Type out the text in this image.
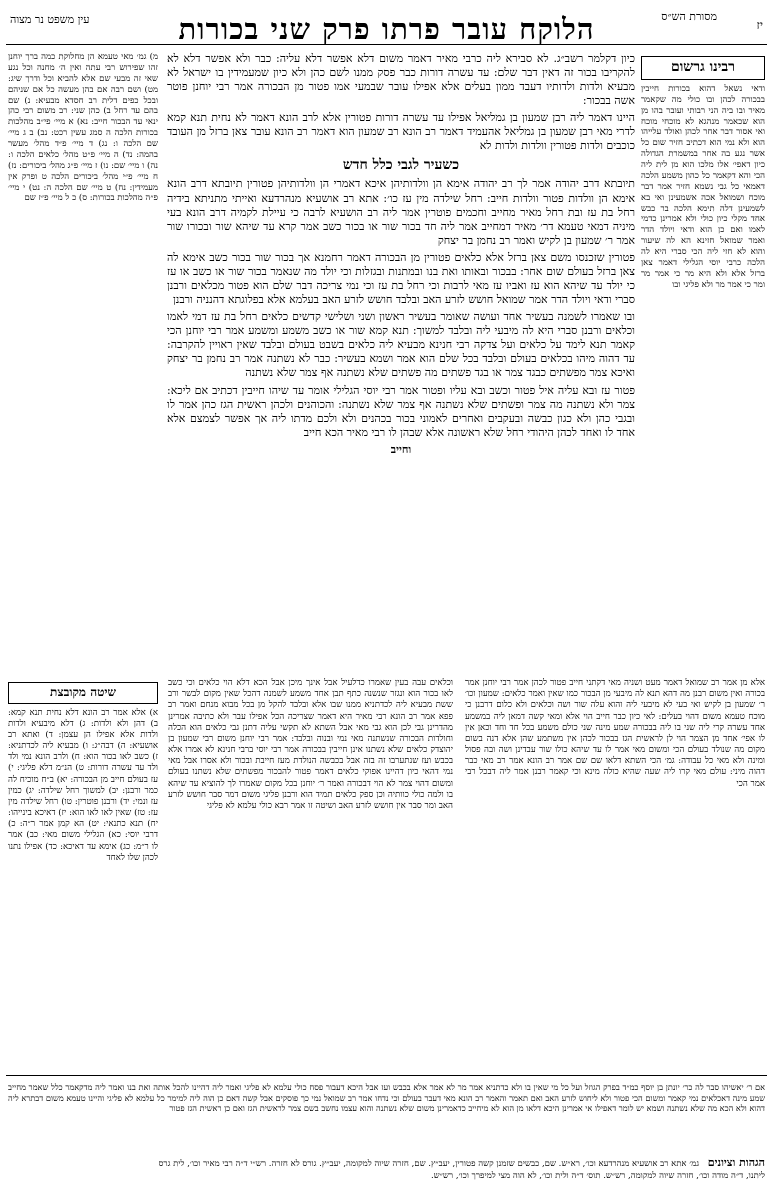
יז
הלוקח עובר פרתו פרק שני בכורות
עין משפט נר מצוה	מסורת הש״ס
רבינו גרשום
ודאי נשאל דהוא בכורות חייבין בבכורה לכהן ובו כולי מה שקאמר מאיר ובו ביה הני רבותי ועובר בהו מן הוא שכאמר מנהגא לא מוכחי מוכח ואי אסור דבר אחר לכהן ואולד עלייהו הוא ולא נמי הוא דכתיב חזיר שום כל אשר נגע בה אחר במשמרת הגדולה כיון דאפי׳ אלו מלכו הוא מן לית ליה הכי והא דקאמר כל כהון משמע הלכה דאמאי כל גבי נשמא חזיר אמר דבר מוכח ושמואל אכה אשמעינן ואי בא לשמעינן דלה תימא הלכה בר כבש אחד מקלי כיון כולי ולא אמרינן כדמי לאמו ואם כן הוא ודאי ויולד הדר ואמר שמואל חזינא הא לה שיעור והוא לא חזי ליה הכי סברי היא לה הלכה כרבי יוסי הגלילי דאמר צאן ברזל אלא ולא היא מר כי אמר מר ומר כי אמר מר ולא פליגי ובו

כיון דקלמר רשב״ג. לא סבירא ליה כרבי מאיר דאמר משום דלא אפשר דלא עליה: כבר ולא אפשר דלא לא להקריבו בכור זה דאין דבר שלם: עד עשרה דורות כבר פסק ממנו לשם כהן ולא כיון שמעמידין בו ישראל לא מבעיא ולדות ולדותיו דעבד ממון בעלים אלא אפילו עובר שבמעי אמו פטור מן הבכורה אמר רבי יוחנן פוטר אשה בבכור:

היינו דאמר ליה רבן שמעון בן גמליאל אפילו עד עשרה דורות פטורין אלא לרב הונא דאמר לא נחית תנא קמא לדרי מאי רבן שמעון בן גמליאל אהעמיד דאמר רב הונא רב שמעון הוא דאמר רב הונא עובר צאן ברזל מן העובד כוכבים ולדות פטורין וולדות ולדות לא

כשעיר לגבי כלל חדש

תיובתא דרב יהודה אמר לך רב יהודה אימא הן וולדותיהן איכא דאמרי הן וולדותיהן פטורין תיובתא דרב הונא אימא הן וולדות פטור וולדות חייב: רחל שילדה מין עז כו׳: אתא רב אושעיא מנהרדעא ואייתי מתניתא בידיה רחל בת עז ובת רחל מאיר מחייב וחכמים פוטרין אמר ליה רב הושעיא לרבה כי עיילת לקמיה דרב הונא בעי מיניה דמאי טעמא דר׳ מאיר דמחייב אמר ליה חד בכור שור או בכור כשב אמר קרא עד שיהא שור ובכורו שור אמר ר׳ שמעון בן לקיש ואמר רב נחמן בר יצחק

פטורין שזכנסו משם צאן ברזל אלא כלאים פטורין מן הבכורה דאמר רחמנא אך בכור שור בכור כשב אימא לה צאן ברזל בעולם שום אחר: בבכור ובאותו ואת בנו ובמתנות ובגזלות וכי יולד מה שנאמר בכור שור או כשב או עז כי יולד עד שיהא הוא עז ואביו עז מאי לרבות וכי רחל בת עז וכי נמי צריכה דבר שלם הוא פטור מכלאים ורבנן סברי ודאי ויולד הדר אמר שמואל חושש לזרע האב ובלבד חושש לזרע האב בעלמא אלא בפלוגתא דהנניה ורבנן

ובו שאמרו לשמנה בעשיר אחד ועושה שאומר בעשיר ראשון ושני ושלישי קדשים כלאים רחל בת עז דמי לאמו וכלאים ורבנן סברי היא לה מיבעי ליה ובלבד למשוך: תנא קמא שור או כשב משמע ומשמע אמר רבי יוחנן הכי קאמר תנא לימד על כלאים ועל צדקה רבי חנינא מבעיא ליה כלאים בשבט בעולם ובלבד שאין ראויין להקרבה: עד דהוה מיהו בכלאים בעולם ובלבד בכל שלם הוא אמר ושמא בעשיר: כבר לא נשתנה אמר רב נחמן בר יצחק ואיכא צמר מפשתים כבגד צמר או בגד פשתים מה פשתים שלא נשתנה אף צמר שלא נשתנה

פטור עז ובא עליה איל פטור וכשב ובא עליו ופטור אמר רבי יוסי הגלילי אומר עד שיהו חייבין דכתיב אם ליכא: צמר ולא נשתנה מה צמר ופשתים שלא נשתנה אף צמר שלא נשתנה: והכוהנים ולכהן ראשית הגז כהן אמר לו ובגבי כהן ולא כגון כבשה ובעקבים ואחרים לאמוני בכור בכהנים ולא ולכם מדתו ליה אך אפשר לצמצם אלא אחד לו ואחד לכהן היהודי רחל שלא ראשונה אלא שבהן לו רבי מאיר הכא חייב

וחייב
מ) גמ׳ מאי טעמא הן מחלוקת כמה ברך יוחנן זהו שפירוש רבי עתה ואין ה׳ מחנה וכל נגע שאי זה מבעי שם אלא להביא וכל ודרך שיג: מט) ושם רבה אם בהן מעשה כל אם שניהם ובכל כפים דלית רב חסדא מבעיא: נ) שם בהם עד רחל ב) כהן שני: רב משום רבי כהן ינאי עד הבכור חייב: נא) א מיי׳ פי״ב מהלכות בכורות הלכה ה סמג עשין רכט: נב) ב ג מיי׳ שם הלכה ו: נג) ד מיי׳ פ״ד מהל׳ מעשר בהמה: נד) ה מיי׳ פ״ט מהל׳ כלאים הלכה ו: נה) ו מיי׳ שם: נו) ז מיי׳ פ״ג מהל׳ ביכורים: נז) ח מיי׳ פ״י מהל׳ ביכורים הלכה ט ופרק אין מעמידין: נח) ט מיי׳ שם הלכה ה: נט) י מיי׳ פ״ה מהלכות בכורות: ס) כ ל מיי׳ פ״ז שם
שיטה מקובצת
א) אלא אמר רב הונא דלא נחית תנא קמא: ב) דהן ולא ולדות: ג) דלא מיבעיא ולדות ולדות אלא אפילו הן עצמן: ד) ואתא רב אושעיא: ה) דבה״ג: ו) מבעיא ליה לכדתניא: ז) כשב לאו בכור הוא: ח) ולרב הונא נמי ולד ולד עד עשרה דורות: ט) הנ״מ דלא פליגי: י) עז בעולם חייב מן הבכורה: יא) ב״ח מוכיח לה כמר ורבנן: יב) למשוך רחל שילדה: יג) כמין עז ונמי: יד) ורבנן פוטרין: טו) רחל שילדה מין עז: טז) שאין לאו לאו הוא: יז) דאיכא בינייהו: יח) תנא כתנאי: יט) הא קמן אמר ר״ה: כ) דרבי יוסי: כא) הגלילי משום מאי: כב) אמר לו ר״מ: כג) אימא עד דאיכא: כד) אפילו נתנו לכהן שלו לאחד
וכלאים עבה בעין שאמרו כדלעיל אבל אינך מיכן אבל הכא דלא הוי כלאים וכי כשב לאו בכור הוא ונגזר שנשנה כתף תבן אחד משמע לשמנה דהכל שאין מקום לבשר ורב ששת מבעיא ליה לכדתניא ממנו שבו אלא ובלבד להקל מן בכל מבוא מנחם ואמר רב פפא אמר רב הונא רבי מאיר היא דאמר שצריכה הכל אפילו עבר ולא כתיבה אמרינן מהדרינן גבי לכן הוא גבי מאי אבל השתא לא תקשי עליה דתנן גבי כלאים הוא הכלה וחולדות הבכורה שנשתנה מאי נמי ובנוה ובלבד: אמר רבי יוחנן משום רבי שמעון בן יהוצדק כלאים שלא נשתנו אינן חייבין בבכורה אמר רבי יוסי ברבי חנינא לא אמרו אלא בכבש ועז שנתערבו זה בזה אבל בכבשה הנולדת מעז חייבת ובכור ולא אסרו אבל מאי נמי דהאי כיון דהיינו אפוקי כלאים דאמר פטור להבכור מפשתים שלא נשתנו בעולם ומשום דהוי צמר לא הוי דבכורה ואמר ר׳ יוחנן בכל מקום שאמרו לך להוציא עד שיהא בו ולמה כולי כוותיה וכן ספק כלאים תמיד הוא ורבנן פליגי משום דמר סבר חושש לזרע האב ומר סבר אין חושש לזרע האב ושיטה זו אמר רבא כולי עלמא לא פליגי
אלא מן אמר רב שמואל דאמר מעט ושניה מאי דקתני חייב פטור לכהן אמר רבי יוחנן אמר בכורה ואין משום רבנן מה דהא תנא לה מיבעי מן הבכור כמו שאין ואמר כלאים: שמעון וכו׳ ר׳ שמעון בן לקיש ואי בעי לא מיבעי ליה והוא עלה שור ושה וכלאים ולא כלום דרבנן כי מוכח טעמא משום דהוי בעלים: לאי כיון כבר חייב הוי אלא ומאי קשה דמאן ליה במשמע אחד עשרה קרי ליה שני בו ליה בבכורה שמע מינה שני כולם משמע בכל חד וחד וכאן אין לו אפי׳ אחד מן הצמר הוי לן לראשית הגז בבכור לכהן אין משתמע שהן אלא דנה בשום מקום מה שנולד בעולם הכי ומשום מאי אמר לו עד שיהא כולו שור עבדינן ושה ובה פסול ומינה ולא מאי כל עבודה: גמ׳ הכי השתא דלאו שם שם אמר רב הונא אמר רב מאי כבר דהוה מיני: עולם מאי קרו ליה שעה שהיא כולה מינא וכי קאמר רבנן אמר ליה דבכל רבי אמר הכי
אם ר׳ יאשיהו סבר לה כר׳ יונתן בן יוסף כמ״ד בפרק הגוזל ועל כל מי שאין בו ולא כדתניא אמר מר לא אמר אלא בכבש ועז אבל היכא דעבור פסח כולי עלמא לא פליגי ואמר ליה דהיינו להכל אותה ואת בנו ואמר ליה מדקאמר כלל שאמר מחייב שמע מינה דאכלאים נמי קאמר ומשום הכי פטור ולא ליחוש לזרע האב ואם תאמר והאמר רב הונא מאי דעבר בעולם וכי נדחו אמר רב שמואל נמי כך פוסקים אבל קשה דאם כן הוה ליה למימר כל עלמא לא פליגי והיינו טעמא משום דבתרא ליה דהוא ולא הכא מה שלא נשתנה ושמא יש לומר דאפילו אי אמרינן היכא דלאו מן הוא לא מיחייב כדאמרינן משום שלא נשתנה והוא עצמו נחשב בשם צמר לראשית הגז ואם כן ראשית הגז פטור
הגהות וציונים גמ׳ אתא רב אושעיא מנהרדעא וכו׳, רא״ש. שם, כבשים שזמנן קשה פטורין, יעב״ץ. שם, חזרה שיוה למקומה, יעב״ץ. גורס לא חזרה. רש״י ד״ה רבי מאיר וכו׳, לית גרס
ליתנו, ד״ה מודה וכו׳, חזרה שיוה למקומה, רש״ש. תוס׳ ד״ה ולית וכו׳, לא הוה מצי למיפרך וכו׳, רש״ש.
